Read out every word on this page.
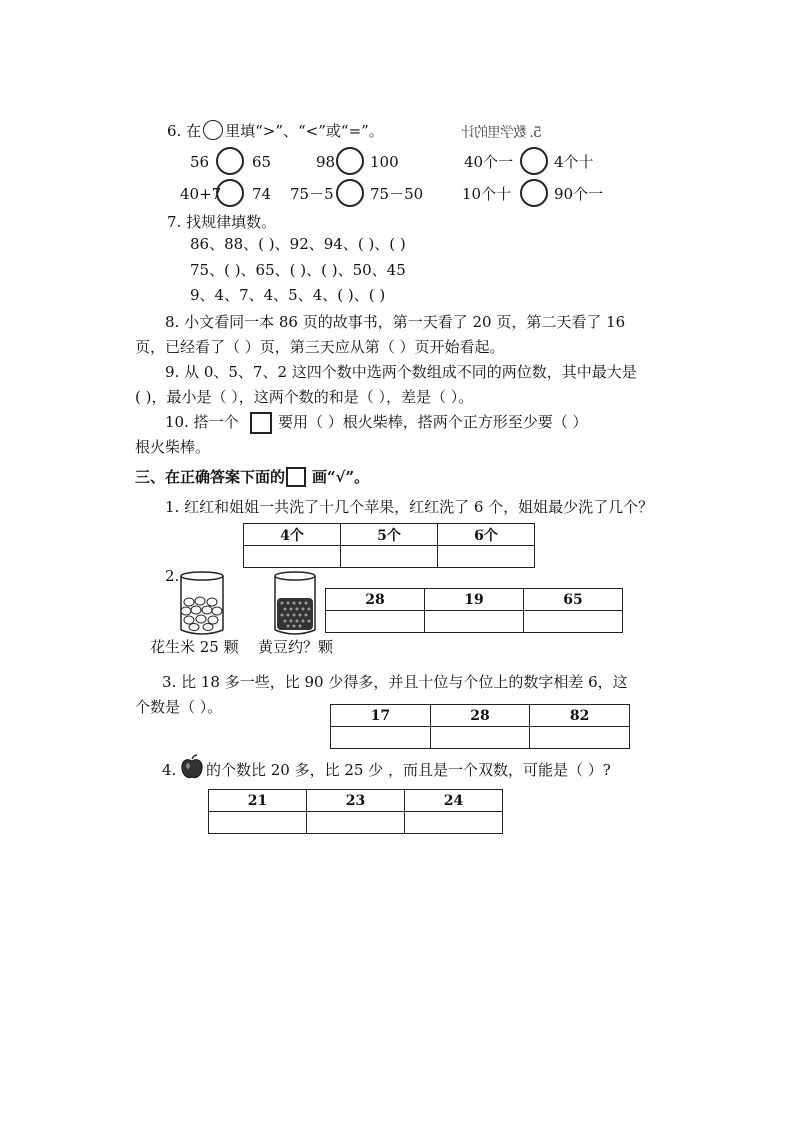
6. 在 里填“>”、“<”或“=”。	5. 数学里的计
56	65	98 100	40个一	4个十
40+7 74 75－5 75－50	10个十	90个一
7. 找规律填数。
86、88、( )、92、94、( )、( )
75、( )、65、( )、( )、50、45
9、4、7、4、5、4、( )、( )
8. 小文看同一本 86 页的故事书，第一天看了 20 页，第二天看了 16
页，已经看了（ ）页，第三天应从第（ ）页开始看起。
9. 从 0、5、7、2 这四个数中选两个数组成不同的两位数，其中最大是
( )，最小是（ ），这两个数的和是（ ），差是（ ）。
10. 搭一个	要用（ ）根火柴棒，搭两个正方形至少要（ ）
根火柴棒。
三、在正确答案下面的 画“√”。
1. 红红和姐姐一共洗了十几个苹果，红红洗了 6 个，姐姐最少洗了几个？
4个	5个	6个

2.
花生米 25 颗 黄豆约？颗
28	19	65

3. 比 18 多一些，比 90 少得多，并且十位与个位上的数字相差 6，这
个数是（ ）。	17	28	82

4. 的个数比 20 多，比 25 少 ，而且是一个双数，可能是（ ）?
21	23	24
